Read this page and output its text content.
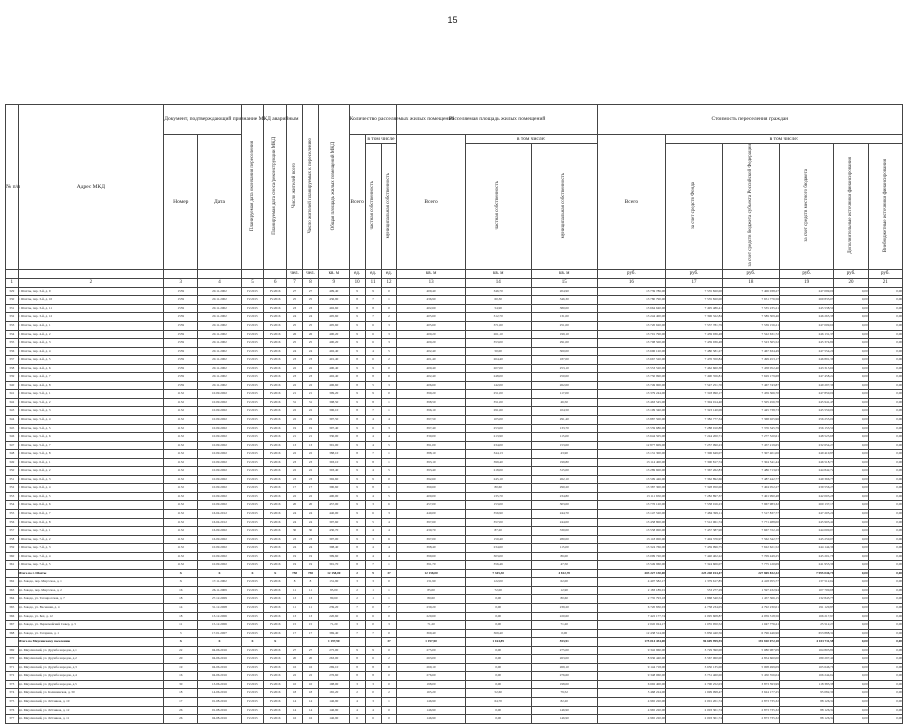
15
№ п/п	Адрес МКД	Документ, подтверждающий признание МКД аварийным		Планируемая дата окончания переселения	Планируемая дата сноса/реконструкции МКД	Число жителей всего	Число жителей планируемых к переселению	Общая площадь жилых помещений МКД	Количество расселяемых жилых помещений			Расселяемая площадь жилых помещений			Стоимость переселения граждан					
		Номер	Дата						Всего	в том числе		Всего	в том числе:		Всего	в том числе:				
										частная собственность	муниципальная собственность		частная собственность	муниципальная собственность		за счет средств Фонда	за счет средств бюджета субъекта Российской Федерации	за счет средств местного бюджета	Дополнительные источники финансирования	Внебюджетные источники финансирования
						чел.	чел.	кв. м	ед.	ед.	ед.	кв. м	кв. м	кв. м	руб.	руб.	руб.	руб.	руб.	руб.
1	2	3	4	5	6	7	8	9	10	11	12	13	14	15	16	17	18	19	20	21
329	г. Шахты, пер. 3-й, д. 9	1559	20.11.2002	IV.2015	IV.2016	27	27	409,40	9	9	0	409,40	346,70	204,90	13 739 786,00	7 535 820,00	7 406 038,27	247 099,00	0,00	0,00
330	г. Шахты, пер. 3-й, д. 10	1559	20.11.2002	IV.2015	IV.2016	25	25	436,90	8	7	1	436,90	60,30	346,30	13 780 790,00	7 535 820,00	7 651 776,56	269 833,03	0,00	0,00
331	г. Шахты, пер. 3-й, д. 11	1559	20.11.2002	IV.2015	IV.2016	23	23	402,60	8	8	0	402,60	54,90	380,00	13 664 640,00	7 495 486,41	7 535 235,21	245 538,50	0,00	0,00
332	г. Шахты, пер. 3-й, д. 12	1559	20.11.2002	IV.2015	IV.2016	24	24	405,60	9	7	2	405,60	312,70	131,00	13 244 400,00	7 396 322,84	7 589 309,46	246 265,38	0,00	0,00
333	г. Шахты, пер. 4-й, д. 1	1559	20.11.2002	IV.2015	IV.2016	25	25	405,60	9	6	3	405,60	371,60	251,00	13 720 620,00	7 537 781,79	7 539 156,21	247 009,60	0,00	0,00
334	г. Шахты, пер. 4-й, д. 2	1559	20.11.2002	IV.2015	IV.2016	26	26	400,20	9	6	3	400,20	261,10	199,10	13 701 790,00	7 439 936,48	7 522 631,72	246 131,35	0,00	0,00
335	г. Шахты, пер. 4-й, д. 3	1559	20.11.2002	IV.2015	IV.2016	25	25	400,20	9	6	3	400,20	353,00	291,00	13 708 500,00	7 439 936,48	7 523 565,52	245 374,80	0,00	0,00
336	г. Шахты, пер. 4-й, д. 4	1559	20.11.2002	IV.2015	IV.2016	24	24	402,40	9	4	5	402,40	50,00	300,00	13 696 120,00	7 480 581,27	7 467 634,49	247 554,20	0,00	0,00
337	г. Шахты, пер. 4-й, д. 5	1559	20.11.2002	IV.2015	IV.2016	23	23	401,40	8	6	2	401,40	264,40	187,00	13 667 520,00	7 476 350,84	7 499 453,17	246 891,36	0,00	0,00
338	г. Шахты, пер. 4-й, д. 6	1559	20.11.2002	IV.2015	IV.2016	22	22	400,40	9	9	0	400,40	207,00	253,10	13 553 520,00	7 462 660,38	7 458 052,40	243 313,60	0,00	0,00
339	г. Шахты, пер. 4-й, д. 7	1559	20.11.2002	IV.2015	IV.2016	23	23	402,40	8	8	0	402,40	248,00	250,00	13 750 990,00	7 490 356,81	7 629 179,68	247 458,24	0,00	0,00
340	г. Шахты, пер. 4-й, д. 8	1559	20.11.2002	IV.2015	IV.2016	22	22	406,60	8	5	3	406,60	142,00	262,00	13 749 900,00	7 547 251,70	7 467 743,87	249 297,36	0,00	0,00
341	г. Шахты, пер. 5-й, д. 1	1132	10.09.2002	IV.2015	IV.2016	21	21	399,20	9	9	0	399,20	251,00	117,00	13 379 244,00	7 318 990,17	7 459 366,70	247 850,00	0,00	0,00
342	г. Шахты, пер. 5-й, д. 2	1132	10.09.2002	IV.2015	IV.2016	31	31	398,50	9	8	1	398,50	351,00	46,50	13 463 545,00	7 304 014,40	7 505 456,78	245 941,45	0,00	0,00
343	г. Шахты, пер. 5-й, д. 3	1132	10.09.2002	IV.2015	IV.2016	22	22	396,10	8	7	1	396,10	291,60	104,50	13 109 340,00	7 323 140,06	7 445 738,73	245 550,00	0,00	0,00
344	г. Шахты, пер. 5-й, д. 4	1132	10.09.2002	IV.2015	IV.2016	22	22	397,50	8	4	4	397,50	105,00	291,40	13 887 500,00	7 382 777,34	7 368 025,96	256 255,00	0,00	0,00
345	г. Шахты, пер. 5-й, д. 5	1132	10.09.2002	IV.2015	IV.2016	19	19	397,40	9	6	3	397,40	253,00	133,70	13 559 686,00	7 288 010,88	7 376 345,79	256 153,50	0,00	0,00
346	г. Шахты, пер. 5-й, д. 6	1132	10.09.2002	IV.2015	IV.2016	21	21	330,00	8	4	4	330,00	213,90	115,00	13 644 505,00	7 244 200,71	7 277 520,61	248 523,68	0,00	0,00
347	г. Шахты, пер. 5-й, д. 7	1132	10.09.2002	IV.2015	IV.2016	13	13	391,00	9	4	5	391,00	234,00	153,00	12 877 609,00	7 257 090,23	7 457 219,65	232 654,27	0,00	0,00
348	г. Шахты, пер. 5-й, д. 8	1132	10.09.2002	IV.2015	IV.2016	22	22	388,10	8	7	1	388,10	344,13	43,90	13 131 300,00	7 306 649,07	7 307 401,06	249 410,85	0,00	0,00
349	г. Шахты, пер. 6-й, д. 1	1132	10.09.2002	IV.2015	IV.2016	23	23	393,10	9	8	1	393,10	399,40	199,80	13 114 400,00	7 300 817,74	7 304 541,44	246 518,77	0,00	0,00
350	г. Шахты, пер. 6-й, д. 2	1132	10.09.2002	IV.2015	IV.2016	22	22	393,40	9	4	5	393,40	218,00	315,00	13 289 600,00	7 367 262,83	7 486 713,03	244 842,72	0,00	0,00
351	г. Шахты, пер. 6-й, д. 3	1132	10.09.2002	IV.2015	IV.2016	23	23	392,60	9	9	0	392,60	245,10	262,10	13 509 446,00	7 362 892,66	7 487 442,77	249 366,75	0,00	0,00
352	г. Шахты, пер. 6-й, д. 4	1132	10.09.2002	IV.2015	IV.2016	17	17	390,60	9	8	1	390,60	80,60	290,20	13 387 300,00	7 328 950,00	7 404 052,27	239 556,25	0,00	0,00
353	г. Шахты, пер. 6-й, д. 5	1132	10.09.2002	IV.2015	IV.2016	22	22	400,00	9	4	5	400,00	135,70	234,80	13 111 650,00	7 282 897,37	7 401 990,48	242 003,28	0,00	0,00
354	г. Шахты, пер. 6-й, д. 6	1132	10.09.2002	IV.2015	IV.2016	20	20	457,00	9	3	6	457,00	153,00	303,00	13 776 120,00	7 558 016,23	7 967 983,32	260 137,15	0,00	0,00
355	г. Шахты, пер. 6-й, д. 7	1132	16.04.2012	IV.2015	IV.2016	24	24	440,00	9	6	3	440,00	356,90	244,70	13 147 520,00	7 484 399,11	7 517 837,77	247 205,20	0,00	0,00
356	г. Шахты, пер. 6-й, д. 8	1132	16.04.2012	IV.2015	IV.2016	24	24	397,60	9	5	4	397,60	357,00	244,00	13 458 800,00	7 512 061,74	7 771 488,00	245 903,41	0,00	0,00
357	г. Шахты, пер. 7-й, д. 1	1132	16.09.2002	IV.2015	IV.2016	30	30	430,70	8	4	4	430,70	87,20	330,00	13 558 000,00	7 457 387,90	7 667 722,16	244 000,07	0,00	0,00
358	г. Шахты, пер. 7-й, д. 2	1132	16.09.2002	IV.2015	IV.2016	23	23	397,00	9	3	6	397,00	150,40	280,00	13 118 000,00	7 404 376,97	7 562 342,77	245 250,03	0,00	0,00
359	г. Шахты, пер. 7-й, д. 3	1132	10.09.2002	IV.2015	IV.2016	24	24	398,40	8	4	4	398,40	234,60	115,00	13 324 766,00	7 459 996,75	7 622 621,52	244 144,36	0,00	0,00
360	г. Шахты, пер. 7-й, д. 4	1132	10.09.2002	IV.2015	IV.2016	19	19	399,60	8	4	4	399,60	303,00	86,00	13 099 720,00	7 440 402,22	7 709 449,25	245 201,78	0,00	0,00
361	г. Шахты, пер. 7-й, д. 5	1132	10.09.2002	IV.2015	IV.2016	19	19	391,70	8	7	1	391,70	356,46	47,50	13 549 960,00	7 324 606,07	7 775 120,09	241 953,36	0,00	0,00
	Итого по г. Шахты	X	X	X	X	758	758	12 158,00	2	9	37	12 158,00	7 345,30	4 812,70	403 227 130,00	225 248 014,47	227 869 832,32	7 995 046,79	0,00	0,00
362	дп. Заводо, пер. Миусское, д. 1	X	17.11.2002	IV.2015	IV.2016	8	8	131,90	3	3	0	131,90	122,00	62,00	4 407 582,17	1 379 617,85	4 418 055,77	137 512,62	0,00	0,00
363	дп. Заводо, пер. Миусское, д. 2	16	26.11.2009	IV.2015	IV.2016	11	11	85,00	2	1	1	85,00	72,00	12,90	2 183 189,01	553 277,29	1 597 432,94	107 700,68	0,00	0,00
364	дп. Заводо, ул. Таганрогская, д. 7	18	27.12.2009	IV.2015	IV.2016	13	13	80,60	2	1	1	80,60	0,00	80,60	2 735 793,18	1 868 540,54	1 457 366,15	132 843,75	0,00	0,00
365	дп. Заводо, ул. Весенняя, д. 4	14	31.12.2008	IV.2015	IV.2016	11	11	239,20	7	0	7	239,20	0,00	239,20	6 720 830,03	4 758 234,05	4 792 230,01	191 120,85	0,00	0,00
366	дп. Заводо, ул. Бех, д. 12	18	13.12.2006	IV.2015	IV.2016	13	13	220,60	6	6	0	220,60	0,00	220,60	7 422 177,74	2 095 608,87	4 059 318,56	166 217,97	0,00	0,00
367	дп. Заводо, ул. Первомайский Сквер, д. 5	11	15.12.2006	IV.2015	IV.2016	15	15	71,20	3	0	3	71,20	0,00	71,20	2 045 024,17	1 055 950,52	1 047 776,21	25 512,27	0,00	0,00
368	дп. Заводо, ул. Гагарина, д. 1	3	17.01.2007	IV.2015	IV.2016	17	17	369,40	7	7	0	369,40	369,40	0,00	12 438 514,00	5 856 440,56	6 796 446,96	653 888,31	0,00	0,00
	Итого по Миусинскому поселению	X	X	X	X			1 197,90			37	1 197,90	1 164,89	553,91	175 014 454,00	96 609 999,55	191 810 072,18	4 103 711,58	0,00	0,00
369	дп. Миусинский, ул. Дружба народов, д.1	22	04.06.2016	IV.2015	IV.2016	27	27	275,00	9	9	0	275,00	0,00	275,00	9 342 960,00	3 729 390,00	5 080 987,09	164 803,80	0,00	0,00
370	дп. Миусинский, ул. Дружба народов, д.2	20	04.06.2016	IV.2015	IV.2016	20	20	263,00	8	6	2	263,00	0,00	263,00	8 936 440,00	3 567 060,00	4 854 660,00	189 297,40	0,00	0,00
371	дп. Миусинский, ул. Дружба народов, д.3	19	04.06.2016	IV.2015	IV.2016	16	16	269,10	8	8	0	269,10	0,00	269,10	9 144 718,00	3 650 135,00	5 008 499,09	165 646,76	0,00	0,00
372	дп. Миусинский, ул. Дружба народов, д.4	16	04.06.2016	IV.2015	IV.2016	22	22	276,60	8	8	0	276,60	0,00	276,60	9 348 060,00	3 731 460,00	5 450 356,04	166 244,62	0,00	0,00
373	дп. Миусинский, ул. Дружба народов, д.5	30	13.06.2016	IV.2015	IV.2016	10	10	198,00	3	3	0	198,00	0,00	198,00	6 692 400,00	2 700 252,03	3 873 593,99	118 383,38	0,00	0,00
374	дп. Миусинский, ул. Калининская, д. 30	18	14.06.2016	IV.2015	IV.2016	18	18	165,20	2	0	2	165,20	52,60	79,52	5 468 224,00	1 699 098,47	3 624 177,25	95 082,39	0,00	0,00
375	дп. Миусинский, ул. Лётчиков, д. 10	17	01.08.2016	IV.2015	IV.2016	14	14	146,90	4	3	1	146,90	64,70	82,20	4 965 220,00	2 001 201,74	2 873 735,32	88 126,34	0,00	0,00
376	дп. Миусинский, ул. Лётчиков, д. 12	26	01.08.2016	IV.2015	IV.2016	14	14	146,90	4	4	0	146,90	0,00	146,90	4 965 220,00	2 003 301,74	2 873 735,32	88 126,34	0,00	0,00
377	дп. Миусинский, ул. Лётчиков, д. 11	26	04.08.2016	IV.2015	IV.2016	16	16	146,90	6	6	0	146,90	0,00	146,90	4 965 220,00	2 003 301,74	2 873 735,32	88 126,34	0,00	0,00
